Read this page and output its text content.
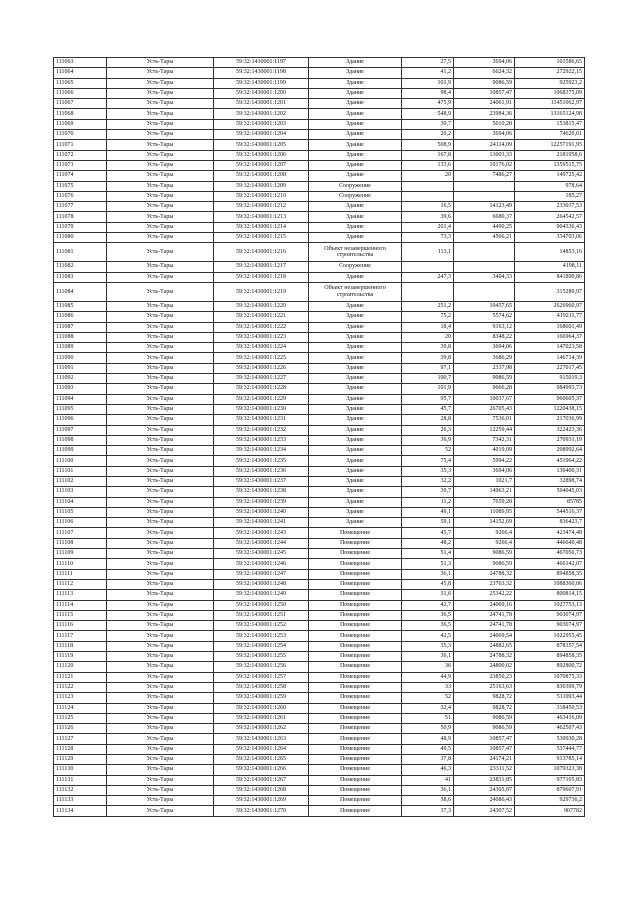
111063	Усть-Тары	59:32:1430001:1197	Здание	27,5	3694,06	101586,65
111064	Усть-Тары	59:32:1430001:1198	Здание	41,2	6624,32	272922,15
111065	Усть-Тары	59:32:1430001:1199	Здание	101,9	9086,59	925923,2
111066	Усть-Тары	59:32:1430001:1200	Здание	98,4	10857,47	1068375,09
111067	Усть-Тары	59:32:1430001:1201	Здание	475,9	24061,91	11451062,97
111068	Усть-Тары	59:32:1430001:1202	Здание	548,9	23984,36	13165124,98
111069	Усть-Тары	59:32:1430001:1203	Здание	30,7	5010,28	153815,47
111070	Усть-Тары	59:32:1430001:1204	Здание	20,2	3694,06	74620,01
111071	Усть-Тары	59:32:1430001:1205	Здание	508,9	24114,09	12257191,95
111072	Усть-Тары	59:32:1430001:1206	Здание	167,8	13003,33	2181958,6
111073	Усть-Тары	59:32:1430001:1207	Здание	133,6	10176,02	1359515,75
111074	Усть-Тары	59:32:1430001:1208	Здание	20	7486,27	149725,42
111075	Усть-Тары	59:32:1430001:1209	Сооружение			978,64
111076	Усть-Тары	59:32:1430001:1210	Сооружение			185,27
111077	Усть-Тары	59:32:1430001:1212	Здание	16,5	14123,49	233037,53
111078	Усть-Тары	59:32:1430001:1213	Здание	39,6	6680,37	264542,57
111079	Усть-Тары	59:32:1430001:1214	Здание	201,4	4490,25	904336,43
111080	Усть-Тары	59:32:1430001:1215	Здание	73,3	4566,21	334703,06
111081	Усть-Тары	59:32:1430001:1216	Объект незавершенного строительства	113,1		14853,16
111082	Усть-Тары	59:32:1430001:1217	Сооружение			4198,11
111083	Усть-Тары	59:32:1430001:1218	Здание	247,3	3404,33	841890,86
111084	Усть-Тары	59:32:1430001:1219	Объект незавершенного строительства			315289,97
111085	Усть-Тары	59:32:1430001:1220	Здание	251,2	10457,65	2626960,97
111086	Усть-Тары	59:32:1430001:1221	Здание	75,2	5574,62	419211,77
111087	Усть-Тары	59:32:1430001:1222	Здание	18,4	9163,12	168601,49
111088	Усть-Тары	59:32:1430001:1223	Здание	20	8348,22	166964,37
111089	Усть-Тары	59:32:1430001:1224	Здание	39,8	3694,06	147023,58
111090	Усть-Тары	59:32:1430001:1225	Здание	39,8	3686,29	146714,39
111091	Усть-Тары	59:32:1430001:1226	Здание	97,1	2337,98	227017,45
111092	Усть-Тары	59:32:1430001:1227	Здание	100,7	9086,59	915019,3
111093	Усть-Тары	59:32:1430001:1228	Здание	101,9	9666,28	984993,73
111094	Усть-Тары	59:32:1430001:1229	Здание	95,7	10037,67	960605,37
111095	Усть-Тары	59:32:1430001:1230	Здание	45,7	26705,43	1220438,15
111096	Усть-Тары	59:32:1430001:1231	Здание	28,8	7536,01	217036,99
111097	Усть-Тары	59:32:1430001:1232	Здание	26,3	12259,44	322423,36
111098	Усть-Тары	59:32:1430001:1233	Здание	36,9	7342,31	270931,19
111099	Усть-Тары	59:32:1430001:1234	Здание	52	4019,09	208992,64
111100	Усть-Тары	59:32:1430001:1235	Здание	75,4	5994,22	451964,22
111101	Усть-Тары	59:32:1430001:1236	Здание	35,3	3694,06	130400,31
111102	Усть-Тары	59:32:1430001:1237	Здание	32,2	1021,7	32898,74
111103	Усть-Тары	59:32:1430001:1238	Здание	39,7	14963,21	594045,03
111104	Усть-Тары	59:32:1430001:1239	Здание	11,2	7659,28	85785
111105	Усть-Тары	59:32:1430001:1240	Здание	49,1	11089,95	544516,37
111106	Усть-Тары	59:32:1430001:1241	Здание	59,1	14152,69	836423,7
111107	Усть-Тары	59:32:1430001:1243	Помещение	45,7	9266,4	423474,48
111108	Усть-Тары	59:32:1430001:1244	Помещение	48,2	9266,4	446640,48
111109	Усть-Тары	59:32:1430001:1245	Помещение	51,4	9086,59	467050,73
111110	Усть-Тары	59:32:1430001:1246	Помещение	51,3	9086,59	466142,07
111111	Усть-Тары	59:32:1430001:1247	Помещение	36,1	24788,32	894858,35
111112	Усть-Тары	59:32:1430001:1248	Помещение	45,8	23763,32	1088360,06
111113	Усть-Тары	59:32:1430001:1249	Помещение	31,6	25342,22	800814,15
111114	Усть-Тары	59:32:1430001:1250	Помещение	42,7	24069,16	1027753,13
111115	Усть-Тары	59:32:1430001:1251	Помещение	36,5	24741,78	903074,97
111116	Усть-Тары	59:32:1430001:1252	Помещение	36,5	24741,78	903074,97
111117	Усть-Тары	59:32:1430001:1253	Помещение	42,5	24069,54	1022955,45
111118	Усть-Тары	59:32:1430001:1254	Помещение	35,3	24882,65	878357,54
111119	Усть-Тары	59:32:1430001:1255	Помещение	36,1	24788,32	894858,35
111120	Усть-Тары	59:32:1430001:1256	Помещение	36	24800,02	892800,72
111121	Усть-Тары	59:32:1430001:1257	Помещение	44,9	23850,23	1070875,33
111122	Усть-Тары	59:32:1430001:1258	Помещение	33	25163,63	830399,79
111123	Усть-Тары	59:32:1430001:1259	Помещение	52	9828,72	511093,44
111124	Усть-Тары	59:32:1430001:1260	Помещение	32,4	9828,72	318450,53
111125	Усть-Тары	59:32:1430001:1261	Помещение	51	9086,59	463416,09
111126	Усть-Тары	59:32:1430001:1262	Помещение	50,9	9086,59	462507,43
111127	Усть-Тары	59:32:1430001:1263	Помещение	48,9	10857,47	530930,28
111128	Усть-Тары	59:32:1430001:1264	Помещение	49,5	10857,47	537444,77
111129	Усть-Тары	59:32:1430001:1265	Помещение	37,8	24174,21	913785,14
111130	Усть-Тары	59:32:1430001:1266	Помещение	46,3	23311,52	1079323,38
111131	Усть-Тары	59:32:1430001:1267	Помещение	41	23831,85	977105,83
111132	Усть-Тары	59:32:1430001:1268	Помещение	36,1	24305,87	879607,91
111133	Усть-Тары	59:32:1430001:1269	Помещение	38,6	24086,43	929736,2
111134	Усть-Тары	59:32:1430001:1270	Помещение	37,3	24307,52	907782
